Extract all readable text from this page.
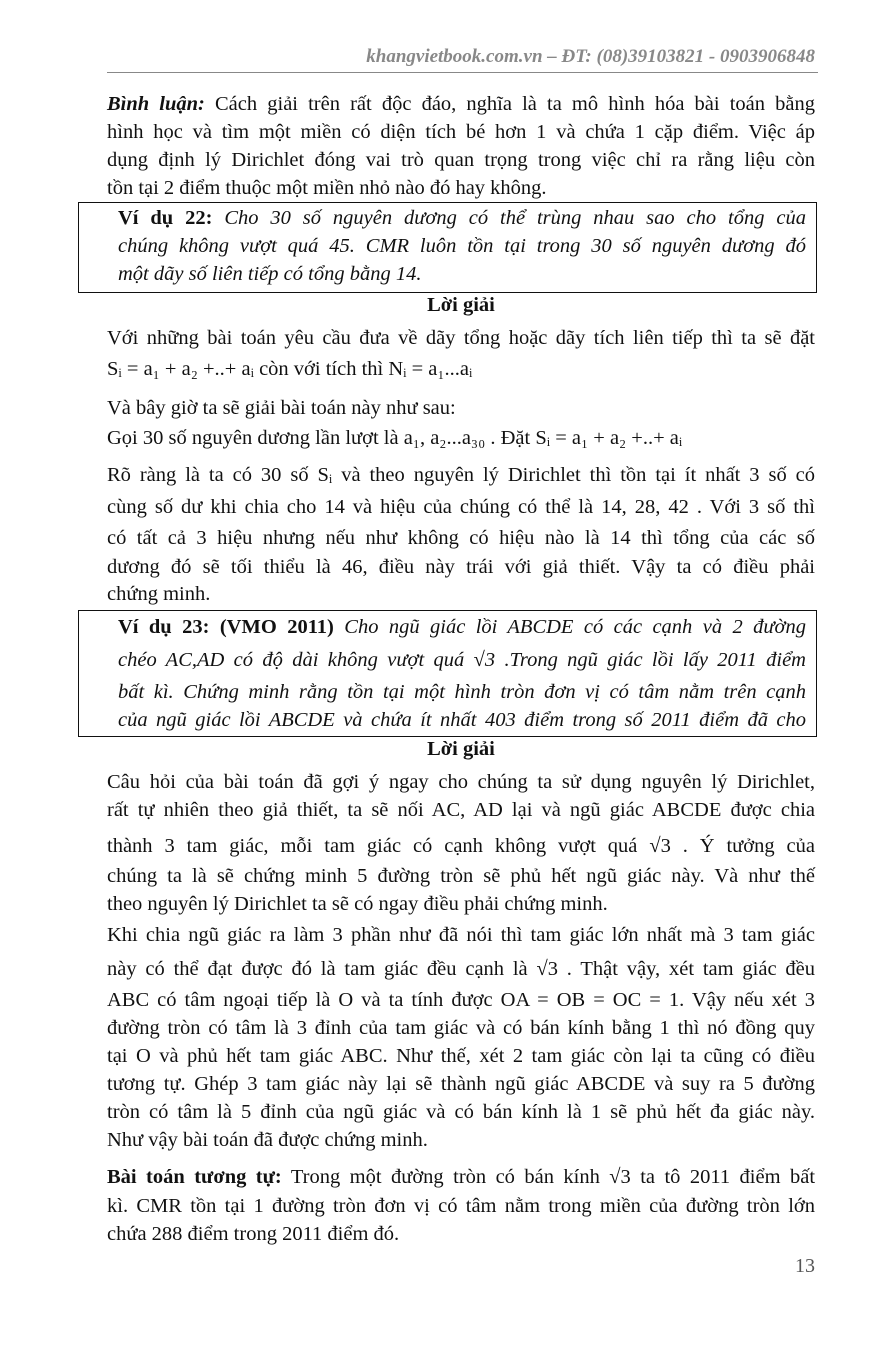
khangvietbook.com.vn – ĐT: (08)39103821 - 0903906848
Bình luận: Cách giải trên rất độc đáo, nghĩa là ta mô hình hóa bài toán bằng
hình học và tìm một miền có diện tích bé hơn 1 và chứa 1 cặp điểm. Việc áp
dụng định lý Dirichlet đóng vai trò quan trọng trong việc chỉ ra rằng liệu còn
tồn tại 2 điểm thuộc một miền nhỏ nào đó hay không.
Ví dụ 22: Cho 30 số nguyên dương có thể trùng nhau sao cho tổng của
chúng không vượt quá 45. CMR luôn tồn tại trong 30 số nguyên dương đó
một dãy số liên tiếp có tổng bằng 14.
Lời giải
Với những bài toán yêu cầu đưa về dãy tổng hoặc dãy tích liên tiếp thì ta sẽ đặt
Sᵢ = a₁ + a₂ +..+ aᵢ còn với tích thì Nᵢ = a₁...aᵢ
Và bây giờ ta sẽ giải bài toán này như sau:
Gọi 30 số nguyên dương lần lượt là a₁, a₂...a₃₀ . Đặt Sᵢ = a₁ + a₂ +..+ aᵢ
Rõ ràng là ta có 30 số Sᵢ và theo nguyên lý Dirichlet thì tồn tại ít nhất 3 số có
cùng số dư khi chia cho 14 và hiệu của chúng có thể là 14, 28, 42 . Với 3 số thì
có tất cả 3 hiệu nhưng nếu như không có hiệu nào là 14 thì tổng của các số
dương đó sẽ tối thiểu là 46, điều này trái với giả thiết. Vậy ta có điều phải
chứng minh.
Ví dụ 23: (VMO 2011) Cho ngũ giác lồi ABCDE có các cạnh và 2 đường
chéo AC,AD có độ dài không vượt quá √3 .Trong ngũ giác lồi lấy 2011 điểm
bất kì. Chứng minh rằng tồn tại một hình tròn đơn vị có tâm nằm trên cạnh
của ngũ giác lồi ABCDE và chứa ít nhất 403 điểm trong số 2011 điểm đã cho
Lời giải
Câu hỏi của bài toán đã gợi ý ngay cho chúng ta sử dụng nguyên lý Dirichlet,
rất tự nhiên theo giả thiết, ta sẽ nối AC, AD lại và ngũ giác ABCDE được chia
thành 3 tam giác, mỗi tam giác có cạnh không vượt quá √3 . Ý tưởng của
chúng ta là sẽ chứng minh 5 đường tròn sẽ phủ hết ngũ giác này. Và như thế
theo nguyên lý Dirichlet ta sẽ có ngay điều phải chứng minh.
Khi chia ngũ giác ra làm 3 phần như đã nói thì tam giác lớn nhất mà 3 tam giác
này có thể đạt được đó là tam giác đều cạnh là √3 . Thật vậy, xét tam giác đều
ABC có tâm ngoại tiếp là O và ta tính được OA = OB = OC = 1. Vậy nếu xét 3
đường tròn có tâm là 3 đỉnh của tam giác và có bán kính bằng 1 thì nó đồng quy
tại O và phủ hết tam giác ABC. Như thế, xét 2 tam giác còn lại ta cũng có điều
tương tự. Ghép 3 tam giác này lại sẽ thành ngũ giác ABCDE và suy ra 5 đường
tròn có tâm là 5 đỉnh của ngũ giác và có bán kính là 1 sẽ phủ hết đa giác này.
Như vậy bài toán đã được chứng minh.
Bài toán tương tự: Trong một đường tròn có bán kính √3 ta tô 2011 điểm bất
kì. CMR tồn tại 1 đường tròn đơn vị có tâm nằm trong miền của đường tròn lớn
chứa 288 điểm trong 2011 điểm đó.
13
